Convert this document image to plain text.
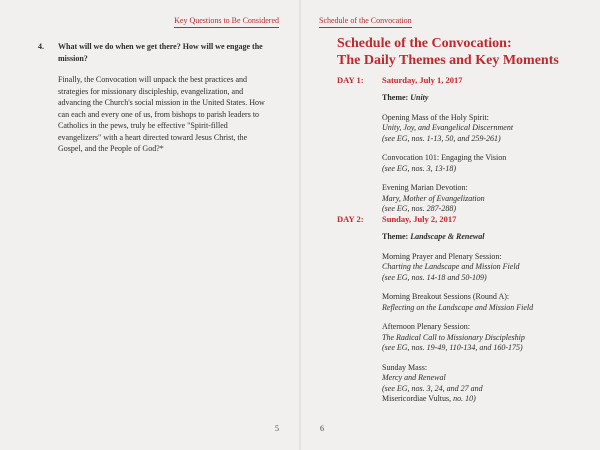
Key Questions to Be Considered
4. What will we do when we get there? How will we engage the mission?
Finally, the Convocation will unpack the best practices and strategies for missionary discipleship, evangelization, and advancing the Church's social mission in the United States. How can each and every one of us, from bishops to parish leaders to Catholics in the pews, truly be effective "Spirit-filled evangelizers" with a heart directed toward Jesus Christ, the Gospel, and the People of God?*
5
Schedule of the Convocation
Schedule of the Convocation:
The Daily Themes and Key Moments
DAY 1: Saturday, July 1, 2017
Theme: Unity
Opening Mass of the Holy Spirit:
Unity, Joy, and Evangelical Discernment
(see EG, nos. 1-13, 50, and 259-261)
Convocation 101: Engaging the Vision
(see EG, nos. 3, 13-18)
Evening Marian Devotion:
Mary, Mother of Evangelization
(see EG, nos. 287-288)
DAY 2: Sunday, July 2, 2017
Theme: Landscape & Renewal
Morning Prayer and Plenary Session:
Charting the Landscape and Mission Field
(see EG, nos. 14-18 and 50-109)
Morning Breakout Sessions (Round A):
Reflecting on the Landscape and Mission Field
Afternoon Plenary Session:
The Radical Call to Missionary Discipleship
(see EG, nos. 19-49, 110-134, and 160-175)
Sunday Mass:
Mercy and Renewal
(see EG, nos. 3, 24, and 27 and
Misericordiae Vultus, no. 10)
6
